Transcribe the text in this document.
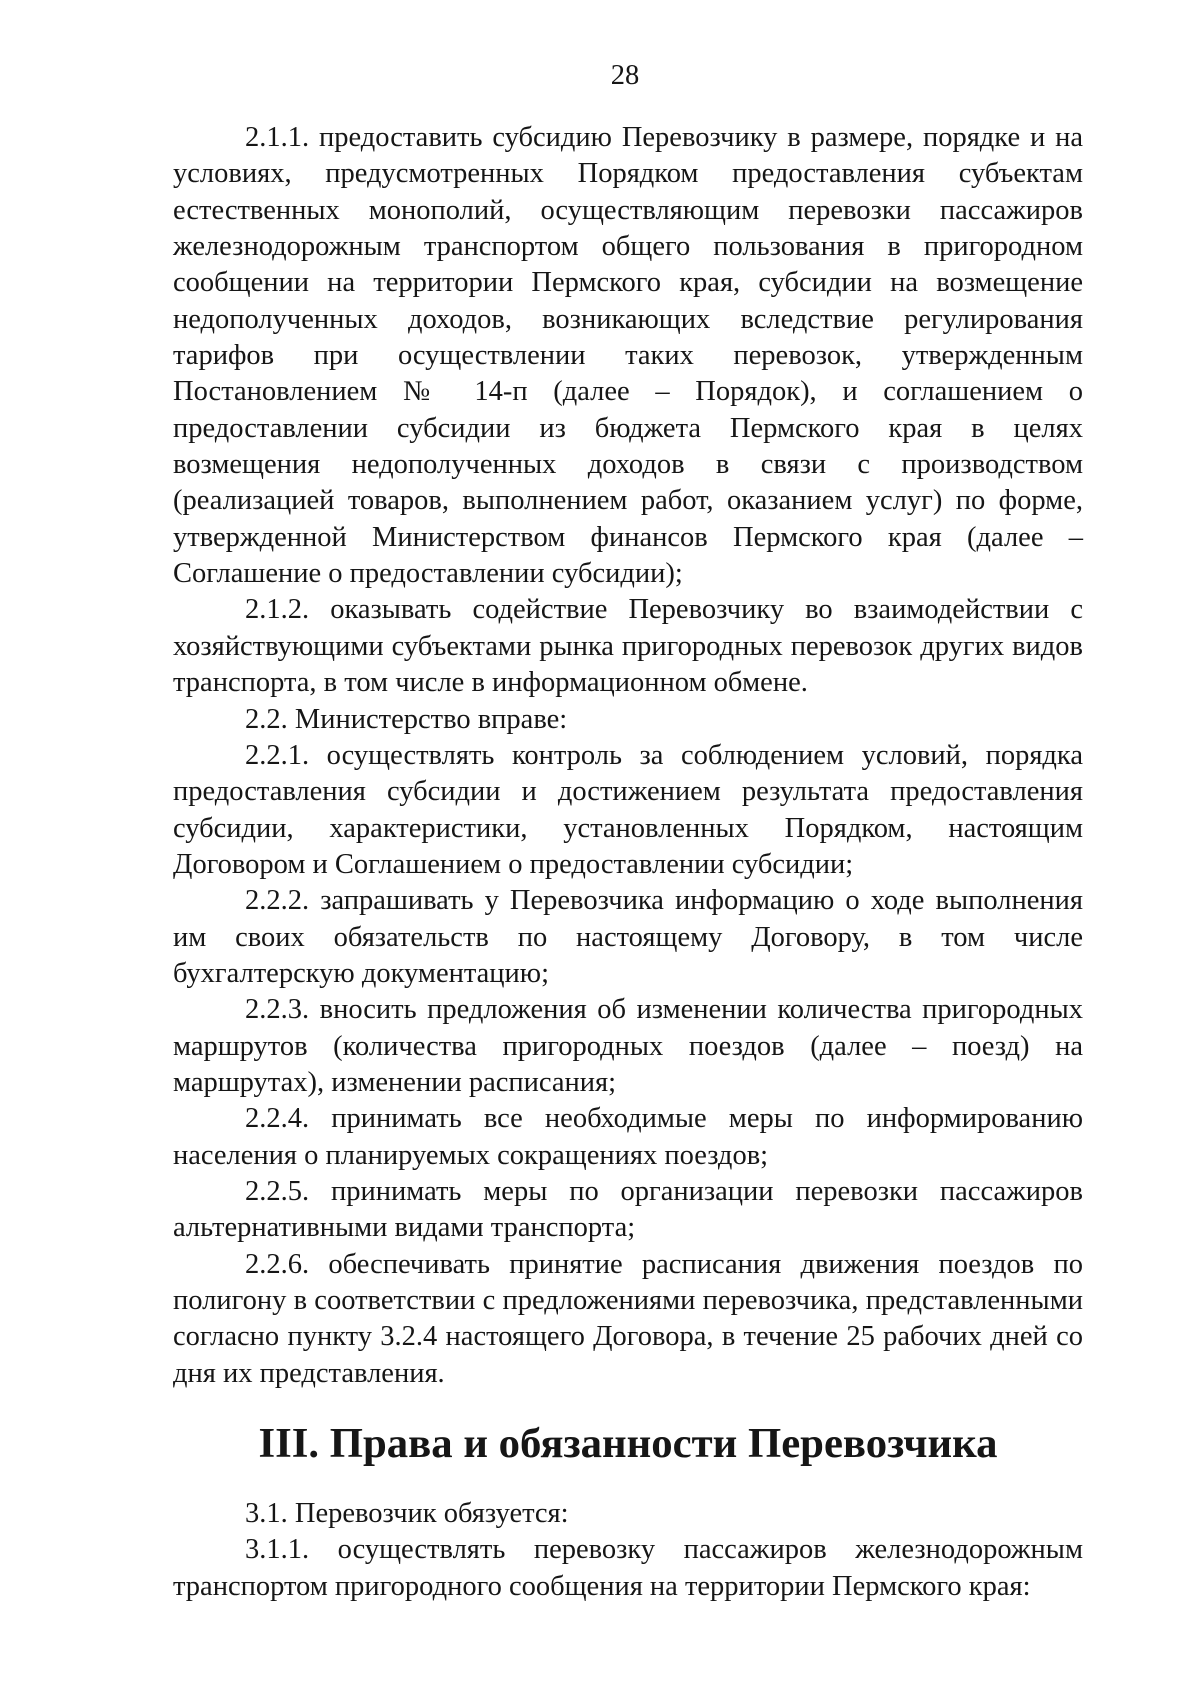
28

2.1.1. предоставить субсидию Перевозчику в размере, порядке и на условиях, предусмотренных Порядком предоставления субъектам естественных монополий, осуществляющим перевозки пассажиров железнодорожным транспортом общего пользования в пригородном сообщении на территории Пермского края, субсидии на возмещение недополученных доходов, возникающих вследствие регулирования тарифов при осуществлении таких перевозок, утвержденным Постановлением № 14-п (далее – Порядок), и соглашением о предоставлении субсидии из бюджета Пермского края в целях возмещения недополученных доходов в связи с производством (реализацией товаров, выполнением работ, оказанием услуг) по форме, утвержденной Министерством финансов Пермского края (далее – Соглашение о предоставлении субсидии);

2.1.2. оказывать содействие Перевозчику во взаимодействии с хозяйствующими субъектами рынка пригородных перевозок других видов транспорта, в том числе в информационном обмене.

2.2. Министерство вправе:

2.2.1. осуществлять контроль за соблюдением условий, порядка предоставления субсидии и достижением результата предоставления субсидии, характеристики, установленных Порядком, настоящим Договором и Соглашением о предоставлении субсидии;

2.2.2. запрашивать у Перевозчика информацию о ходе выполнения им своих обязательств по настоящему Договору, в том числе бухгалтерскую документацию;

2.2.3. вносить предложения об изменении количества пригородных маршрутов (количества пригородных поездов (далее – поезд) на маршрутах), изменении расписания;

2.2.4. принимать все необходимые меры по информированию населения о планируемых сокращениях поездов;

2.2.5. принимать меры по организации перевозки пассажиров альтернативными видами транспорта;

2.2.6. обеспечивать принятие расписания движения поездов по полигону в соответствии с предложениями перевозчика, представленными согласно пункту 3.2.4 настоящего Договора, в течение 25 рабочих дней со дня их представления.

III. Права и обязанности Перевозчика

3.1. Перевозчик обязуется:

3.1.1. осуществлять перевозку пассажиров железнодорожным транспортом пригородного сообщения на территории Пермского края:
